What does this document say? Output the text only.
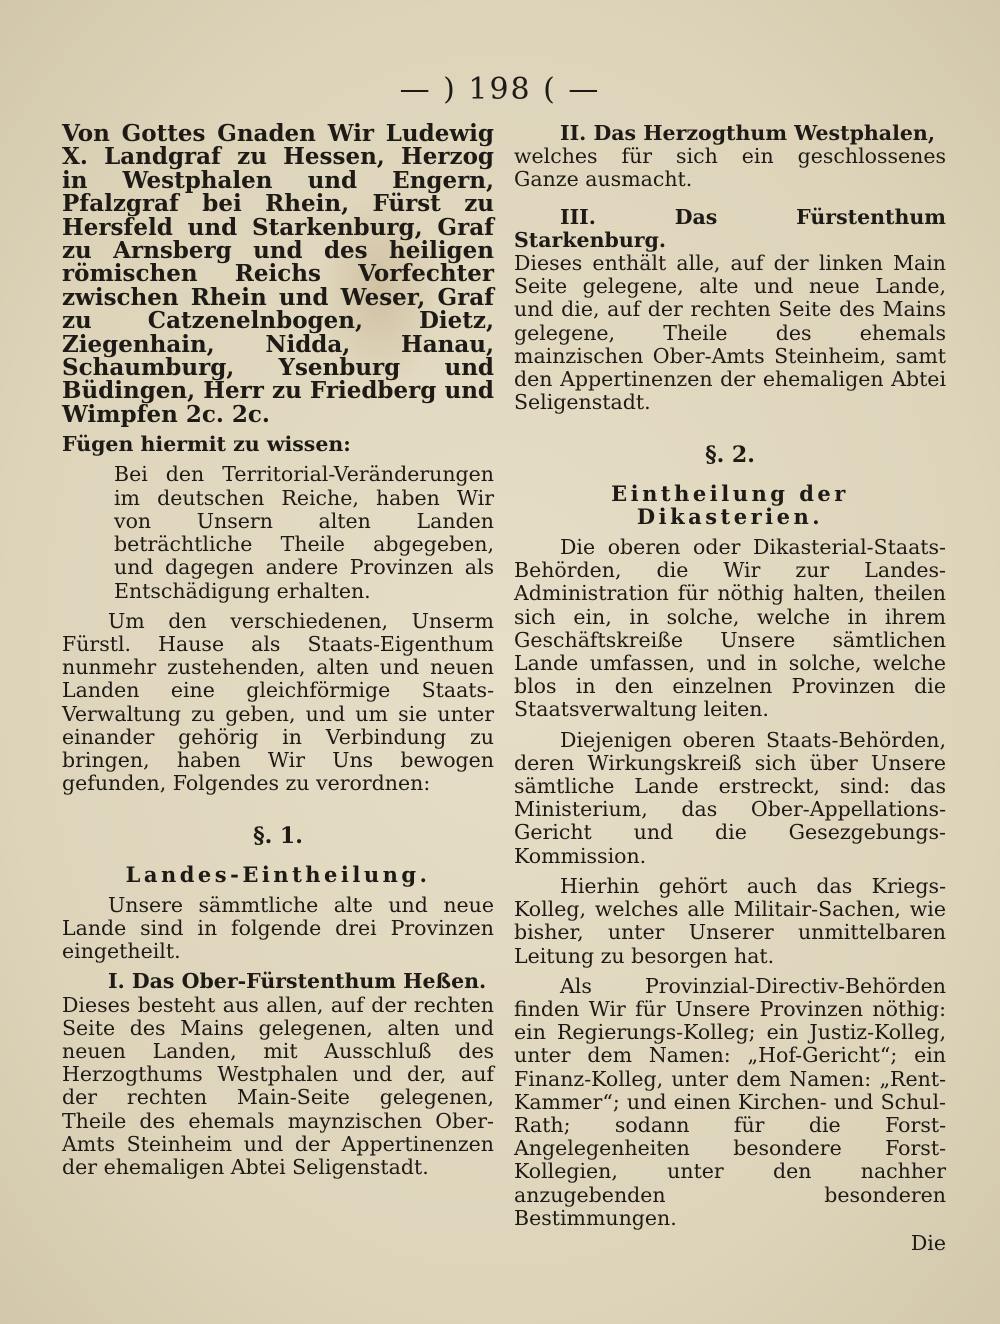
— ) 198 ( —

Von Gottes Gnaden Wir Ludewig X. Landgraf zu Hessen, Herzog in Westphalen und Engern, Pfalzgraf bei Rhein, Fürst zu Hersfeld und Starkenburg, Graf zu Arnsberg und des heiligen römischen Reichs Vorfechter zwischen Rhein und Weser, Graf zu Catzenelnbogen, Dietz, Ziegenhain, Nidda, Hanau, Schaumburg, Ysenburg und Büdingen, Herr zu Friedberg und Wimpfen 2c. 2c.

Fügen hiermit zu wissen:

Bei den Territorial-Veränderungen im deutschen Reiche, haben Wir von Unsern alten Landen beträchtliche Theile abgegeben, und dagegen andere Provinzen als Entschädigung erhalten.

Um den verschiedenen, Unserm Fürstl. Hause als Staats-Eigenthum nunmehr zustehenden, alten und neuen Landen eine gleichförmige Staats-Verwaltung zu geben, und um sie unter einander gehörig in Verbindung zu bringen, haben Wir Uns bewogen gefunden, Folgendes zu verordnen:

§. 1.
Landes-Eintheilung.

Unsere sämmtliche alte und neue Lande sind in folgende drei Provinzen eingetheilt.

I. Das Ober-Fürstenthum Heßen.

Dieses besteht aus allen, auf der rechten Seite des Mains gelegenen, alten und neuen Landen, mit Ausschluß des Herzogthums Westphalen und der, auf der rechten Main-Seite gelegenen, Theile des ehemals maynzischen Ober-Amts Steinheim und der Appertinenzen der ehemaligen Abtei Seligenstadt.

II. Das Herzogthum Westphalen,

welches für sich ein geschlossenes Ganze ausmacht.

III. Das Fürstenthum Starkenburg.

Dieses enthält alle, auf der linken Main Seite gelegene, alte und neue Lande, und die, auf der rechten Seite des Mains gelegene, Theile des ehemals mainzischen Ober-Amts Steinheim, samt den Appertinenzen der ehemaligen Abtei Seligenstadt.

§. 2.
Eintheilung der Dikasterien.

Die oberen oder Dikasterial-Staats-Behörden, die Wir zur Landes-Administration für nöthig halten, theilen sich ein, in solche, welche in ihrem Geschäftskreiße Unsere sämtlichen Lande umfassen, und in solche, welche blos in den einzelnen Provinzen die Staatsverwaltung leiten.

Diejenigen oberen Staats-Behörden, deren Wirkungskreiß sich über Unsere sämtliche Lande erstreckt, sind: das Ministerium, das Ober-Appellations-Gericht und die Gesezgebungs-Kommission.

Hierhin gehört auch das Kriegs-Kolleg, welches alle Militair-Sachen, wie bisher, unter Unserer unmittelbaren Leitung zu besorgen hat.

Als Provinzial-Directiv-Behörden finden Wir für Unsere Provinzen nöthig: ein Regierungs-Kolleg; ein Justiz-Kolleg, unter dem Namen: „Hof-Gericht“; ein Finanz-Kolleg, unter dem Namen: „Rent-Kammer“; und einen Kirchen- und Schul-Rath; sodann für die Forst-Angelegenheiten besondere Forst-Kollegien, unter den nachher anzugebenden besonderen Bestimmungen.

Die
